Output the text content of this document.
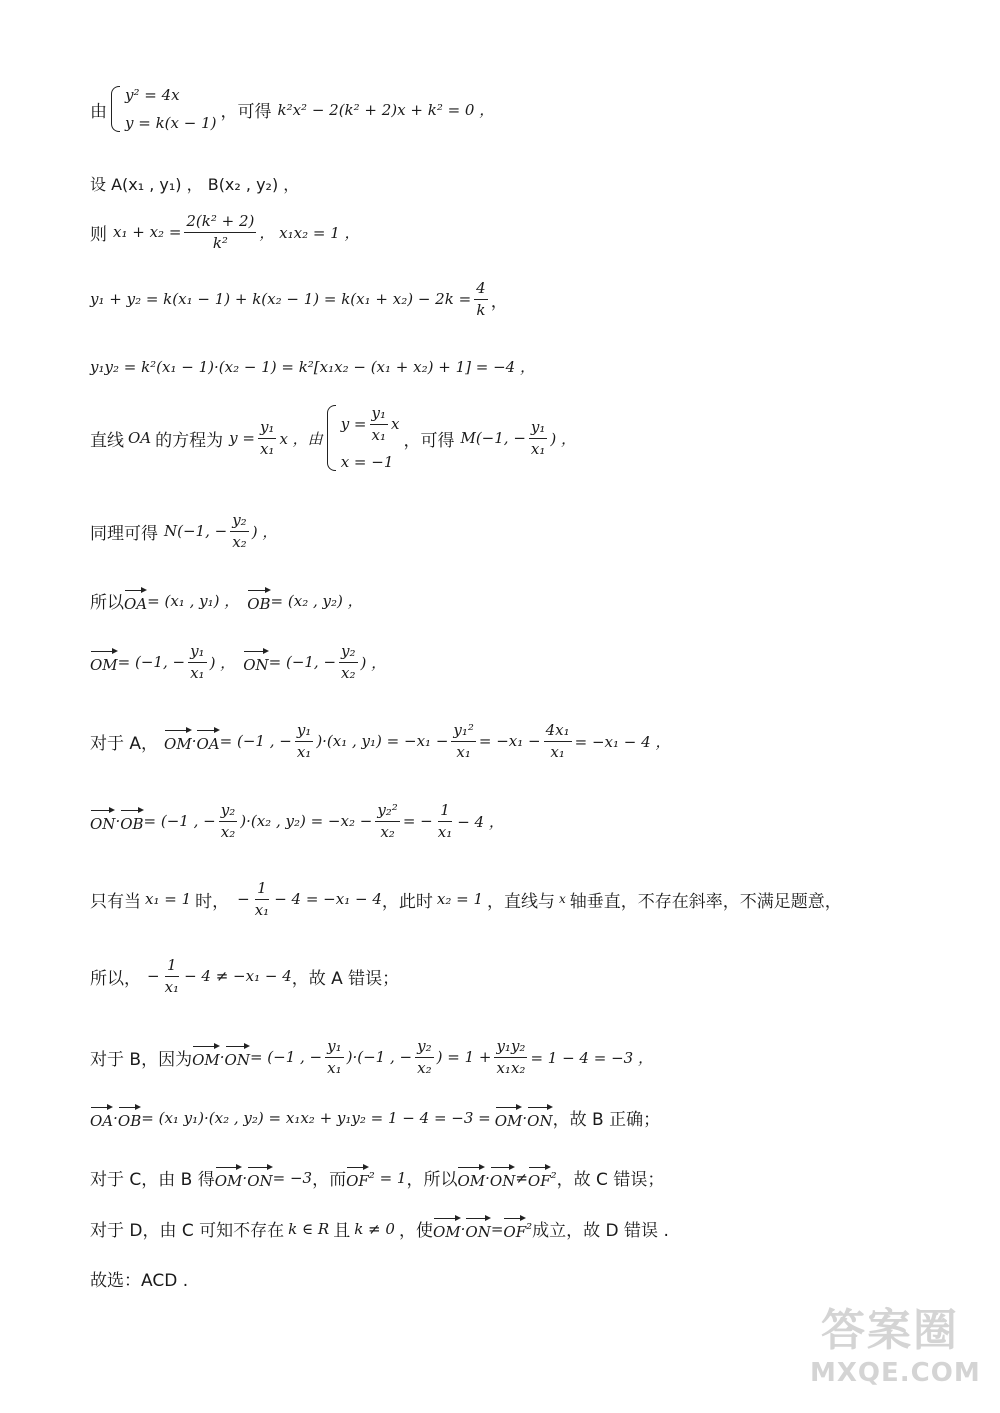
由
y² = 4x
y = k(x − 1)
，可得 k²x² − 2(k² + 2)x + k² = 0 ，
设 A(x₁ , y₁) ， B(x₂ , y₂) ，
则 $x_1 + x_2 = \frac{\text{2(k² + 2)}}{\text{k²}}$ ， x₁x₂ = 1 ，
$y_1 + y_2 = k(x_1 - 1) + k(x_2 - 1) = k(x_1 + x_2) - 2k = \frac{4}{k}$ ，
y₁y₂ = k²(x₁ − 1)·(x₂ − 1) = k²[x₁x₂ − (x₁ + x₂) + 1] = −4 ，
直线 OA 的方程为 $y = \frac{\text{y₁}}{\text{x₁}}$ x ，由
$y = \frac{\text{y₁}}{\text{x₁}}$ x
x = −1
，可得 M(−1, − $\frac{\text{y₁}}{\text{x₁}}$ ) ，
同理可得 N(−1, − $\frac{\text{y₂}}{\text{x₂}}$ ) ，
所以 OA = (x₁ , y₁) ， OB = (x₂ , y₂) ，
OM = (−1, − $\frac{\text{y₁}}{\text{x₁}}$ ) ， ON = (−1, − $\frac{\text{y₂}}{\text{x₂}}$ ) ，
对于 A， OM · OA = (−1 , − $\frac{\text{y₁}}{\text{x₁}} )\cdot(x_1$ , $y_1) = -x_1 - \frac{\text{y₁²}}{\text{x₁}} = -x_1 - \frac{\text{4x₁}}{\text{x₁}} = -x_1 - 4$ ，
ON · OB = (−1 , − $\frac{\text{y₂}}{\text{x₂}} )\cdot(x_2$ , $y_2) = -x_2 - \frac{\text{y₂²}}{\text{x₂}}$ = − $\frac{1}{\text{x₁}} - 4$ ，
只有当 x₁ = 1 时， − $\frac{1}{\text{x₁}} - 4 = -x_1 - 4$ ，此时 x₂ = 1 ，直线与 x 轴垂直，不存在斜率，不满足题意，
所以， − $\frac{1}{\text{x₁}} - 4 \ne -x_1 - 4$ ，故 A 错误；
对于 B，因为 OM · ON = (−1 , − $\frac{\text{y₁}}{\text{x₁}} )\cdot(-1$ , − $\frac{\text{y₂}}{\text{x₂}}$ ) = $1 + \frac{\text{y₁y₂}}{\text{x₁x₂}} = 1 - 4 = -3$ ，
OA · OB = (x₁ y₁)·(x₂ , y₂) = x₁x₂ + y₁y₂ = 1 − 4 = −3 = OM · ON ，故 B 正确；
对于 C，由 B 得 OM · ON = −3 ，而 OF ² = 1 ，所以 OM · ON ≠ OF ² ，故 C 错误；
对于 D，由 C 可知不存在 k ∈ R 且 k ≠ 0 ，使 OM · ON = OF ² 成立，故 D 错误 .
故选：ACD .
答案圈
MXQE.COM
